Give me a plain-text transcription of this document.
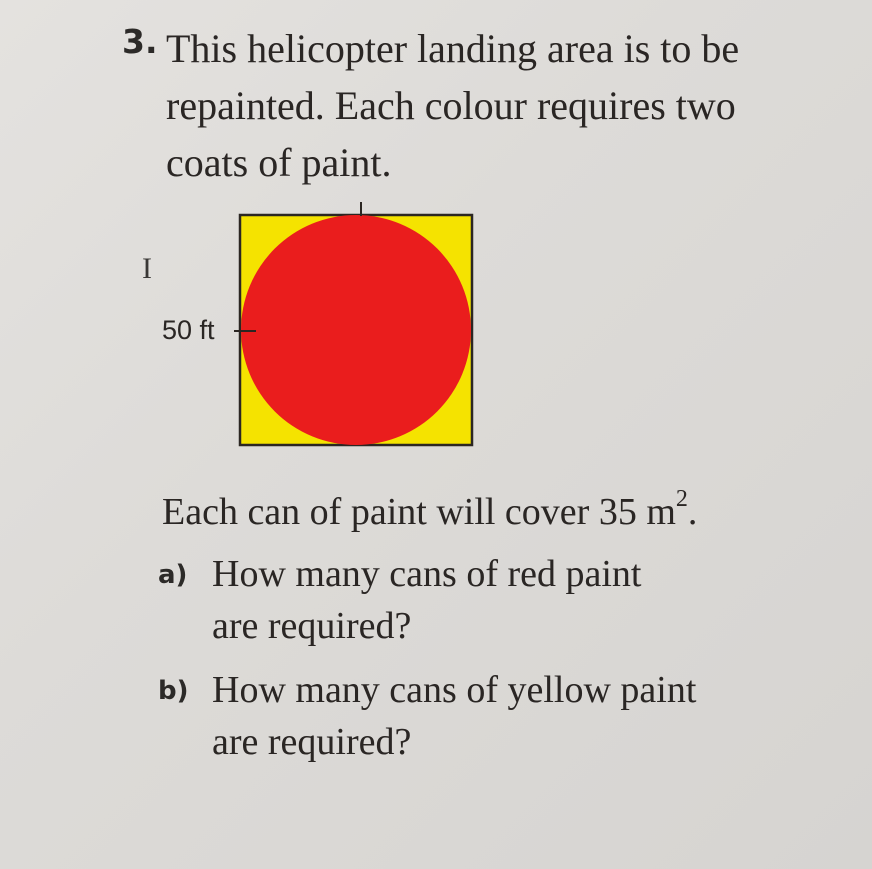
3. This helicopter landing area is to be
repainted. Each colour requires two
coats of paint.
I
50 ft
Each can of paint will cover 35 $m^2$.
a) How many cans of red paint
are required?
b) How many cans of yellow paint
are required?
